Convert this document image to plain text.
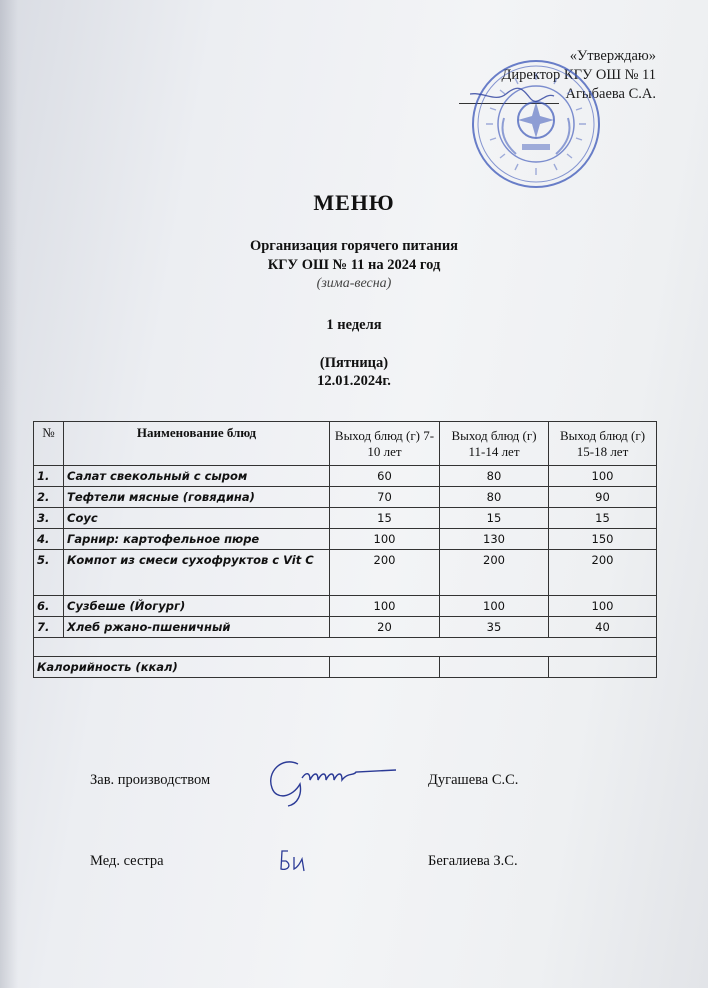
«Утверждаю»
Директор КГУ ОШ № 11
Агыбаева С.А.
МЕНЮ
Организация горячего питания
КГУ ОШ № 11 на 2024 год
(зима-весна)
1 неделя
(Пятница)
12.01.2024г.
№	Наименование блюд	Выход блюд (г) 7-10 лет	Выход блюд (г) 11-14 лет	Выход блюд (г) 15-18 лет
1.	Салат свекольный с сыром	60	80	100
2.	Тефтели мясные (говядина)	70	80	90
3.	Соус	15	15	15
4.	Гарнир: картофельное пюре	100	130	150
5.	Компот из смеси сухофруктов с Vit C	200	200	200
6.	Сузбеше (Йогург)	100	100	100
7.	Хлеб ржано-пшеничный	20	35	40

Калорийность (ккал)				
Зав. производством	Дугашева С.С.
Мед. сестра	Бегалиева З.С.
